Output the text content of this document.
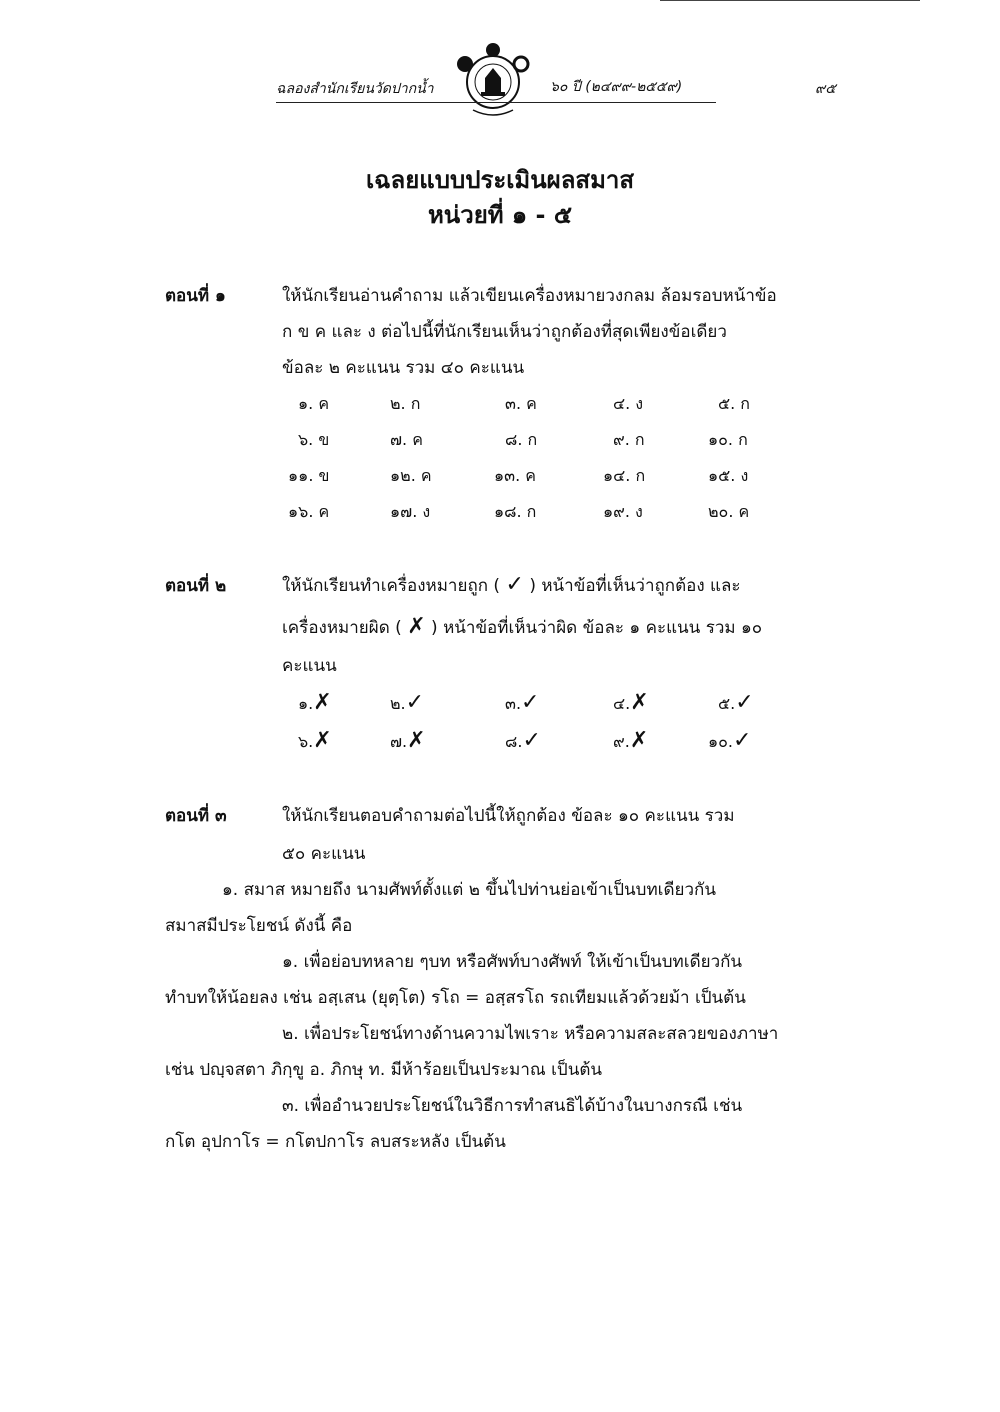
ฉลองสำนักเรียนวัดปากน้ำ	๖๐ ปี (๒๔๙๙-๒๕๕๙)	๙๕
เฉลยแบบประเมินผลสมาส
หน่วยที่ ๑ - ๕
ตอนที่ ๑	ให้นักเรียนอ่านคำถาม แล้วเขียนเครื่องหมายวงกลม ล้อมรอบหน้าข้อ
ก ข ค และ ง ต่อไปนี้ที่นักเรียนเห็นว่าถูกต้องที่สุดเพียงข้อเดียว
ข้อละ ๒ คะแนน รวม ๔๐ คะแนน
๑. ค	๒. ก	๓. ค	๔. ง	๕. ก
๖. ข	๗. ค	๘. ก	๙. ก	๑๐. ก
๑๑. ข	๑๒. ค	๑๓. ค	๑๔. ก	๑๕. ง
๑๖. ค	๑๗. ง	๑๘. ก	๑๙. ง	๒๐. ค
ตอนที่ ๒	ให้นักเรียนทำเครื่องหมายถูก ( ✓ ) หน้าข้อที่เห็นว่าถูกต้อง และ
เครื่องหมายผิด ( ✗ ) หน้าข้อที่เห็นว่าผิด ข้อละ ๑ คะแนน รวม ๑๐
คะแนน
๑.✗	๒.✓	๓.✓	๔.✗	๕.✓
๖.✗	๗.✗	๘.✓	๙.✗	๑๐.✓
ตอนที่ ๓	ให้นักเรียนตอบคำถามต่อไปนี้ให้ถูกต้อง ข้อละ ๑๐ คะแนน รวม
๕๐ คะแนน
๑. สมาส หมายถึง นามศัพท์ตั้งแต่ ๒ ขึ้นไปท่านย่อเข้าเป็นบทเดียวกัน
สมาสมีประโยชน์ ดังนี้ คือ
๑. เพื่อย่อบทหลาย ๆบท หรือศัพท์บางศัพท์ ให้เข้าเป็นบทเดียวกัน
ทำบทให้น้อยลง เช่น อสฺเสน (ยุตฺโต) รโถ = อสฺสรโถ รถเทียมแล้วด้วยม้า เป็นต้น
๒. เพื่อประโยชน์ทางด้านความไพเราะ หรือความสละสลวยของภาษา
เช่น ปญฺจสตา ภิกฺขู อ. ภิกษุ ท. มีห้าร้อยเป็นประมาณ เป็นต้น
๓. เพื่ออำนวยประโยชน์ในวิธีการทำสนธิได้บ้างในบางกรณี เช่น
กโต อุปกาโร = กโตปกาโร ลบสระหลัง เป็นต้น
